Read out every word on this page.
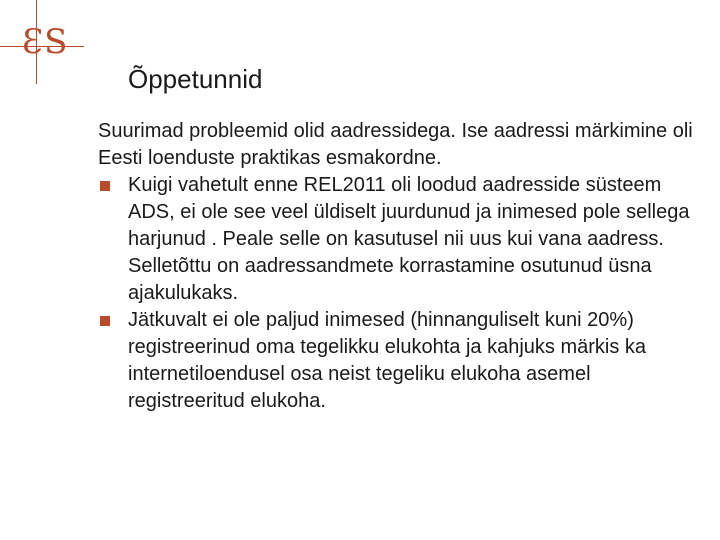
ƐS
Õppetunnid

Suurimad probleemid olid aadressidega. Ise aadressi märkimine oli Eesti loenduste praktikas esmakordne.

Kuigi vahetult enne REL2011 oli loodud aadresside süsteem ADS, ei ole see veel üldiselt juurdunud ja inimesed pole sellega harjunud . Peale selle on kasutusel nii uus kui vana aadress. Selletõttu on aadressandmete korrastamine osutunud üsna ajakulukaks.
Jätkuvalt ei ole paljud inimesed (hinnanguliselt kuni 20%) registreerinud oma tegelikku elukohta ja kahjuks märkis ka internetiloendusel osa neist tegeliku elukoha asemel registreeritud elukoha.
